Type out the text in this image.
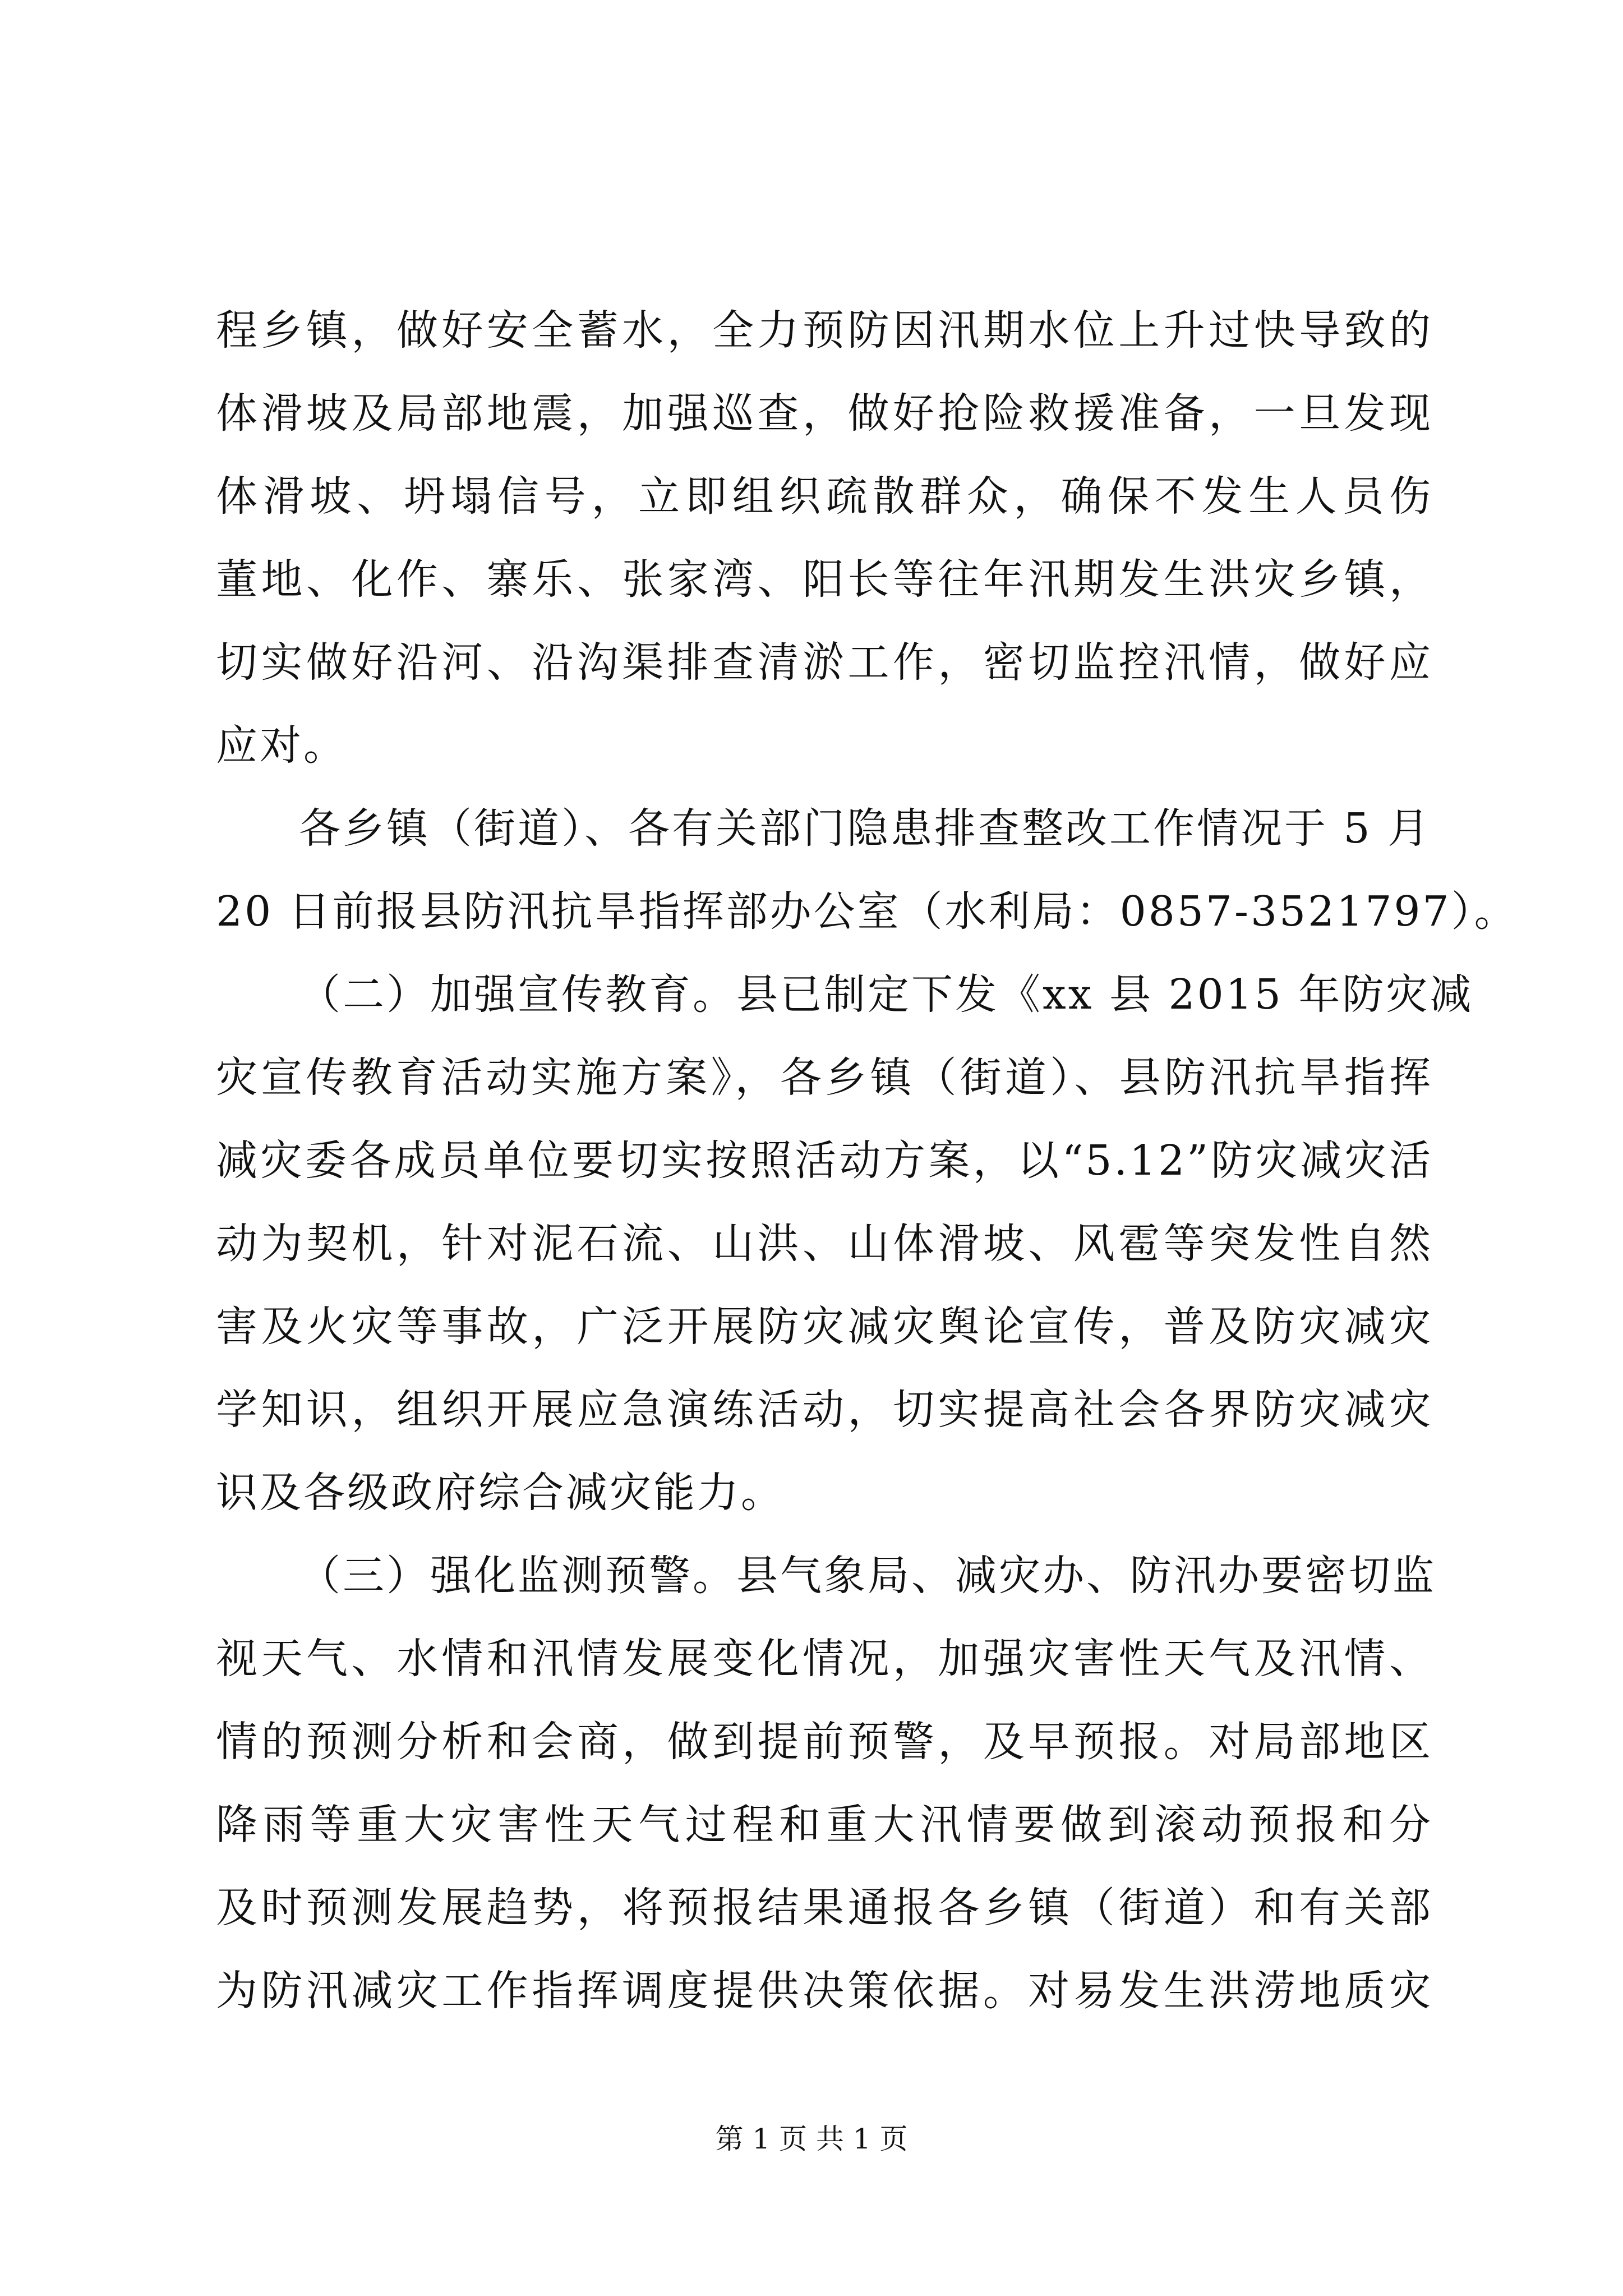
程乡镇，做好安全蓄水，全力预防因汛期水位上升过快导致的
体滑坡及局部地震，加强巡查，做好抢险救援准备，一旦发现
体滑坡、坍塌信号，立即组织疏散群众，确保不发生人员伤
董地、化作、寨乐、张家湾、阳长等往年汛期发生洪灾乡镇，
切实做好沿河、沿沟渠排查清淤工作，密切监控汛情，做好应
应对。
各乡镇（街道）、各有关部门隐患排查整改工作情况于 5 月
20 日前报县防汛抗旱指挥部办公室（水利局：0857-3521797）。
（二）加强宣传教育。县已制定下发《xx 县 2015 年防灾减
灾宣传教育活动实施方案》，各乡镇（街道）、县防汛抗旱指挥
减灾委各成员单位要切实按照活动方案，以“5.12”防灾减灾活
动为契机，针对泥石流、山洪、山体滑坡、风雹等突发性自然
害及火灾等事故，广泛开展防灾减灾舆论宣传，普及防灾减灾
学知识，组织开展应急演练活动，切实提高社会各界防灾减灾
识及各级政府综合减灾能力。
（三）强化监测预警。县气象局、减灾办、防汛办要密切监
视天气、水情和汛情发展变化情况，加强灾害性天气及汛情、
情的预测分析和会商，做到提前预警，及早预报。对局部地区
降雨等重大灾害性天气过程和重大汛情要做到滚动预报和分
及时预测发展趋势，将预报结果通报各乡镇（街道）和有关部
为防汛减灾工作指挥调度提供决策依据。对易发生洪涝地质灾
第 1 页 共 1 页
